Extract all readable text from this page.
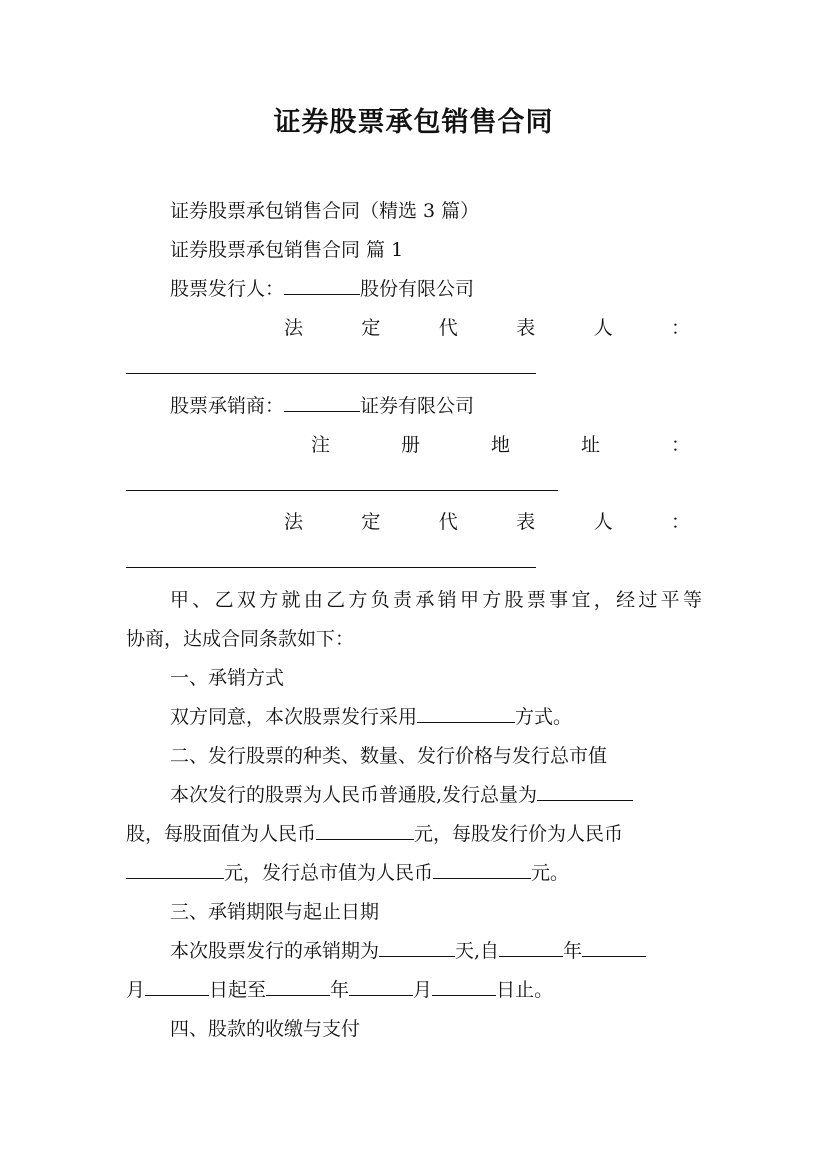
证券股票承包销售合同
证券股票承包销售合同（精选 3 篇）
证券股票承包销售合同 篇 1
股票发行人：	股份有限公司
法	定	代	表	人	：
股票承销商：	证券有限公司
注	册	地	址	：
法	定	代	表	人	：
甲、乙双方就由乙方负责承销甲方股票事宜，经过平等
协商，达成合同条款如下：
一、承销方式
双方同意，本次股票发行采用	方式。
二、发行股票的种类、数量、发行价格与发行总市值
本次发行的股票为人民币普通股,发行总量为
股，每股面值为人民币	元，每股发行价为人民币
元，发行总市值为人民币	元。
三、承销期限与起止日期
本次股票发行的承销期为	天,自	年
月	日起至	年	月	日止。
四、股款的收缴与支付
